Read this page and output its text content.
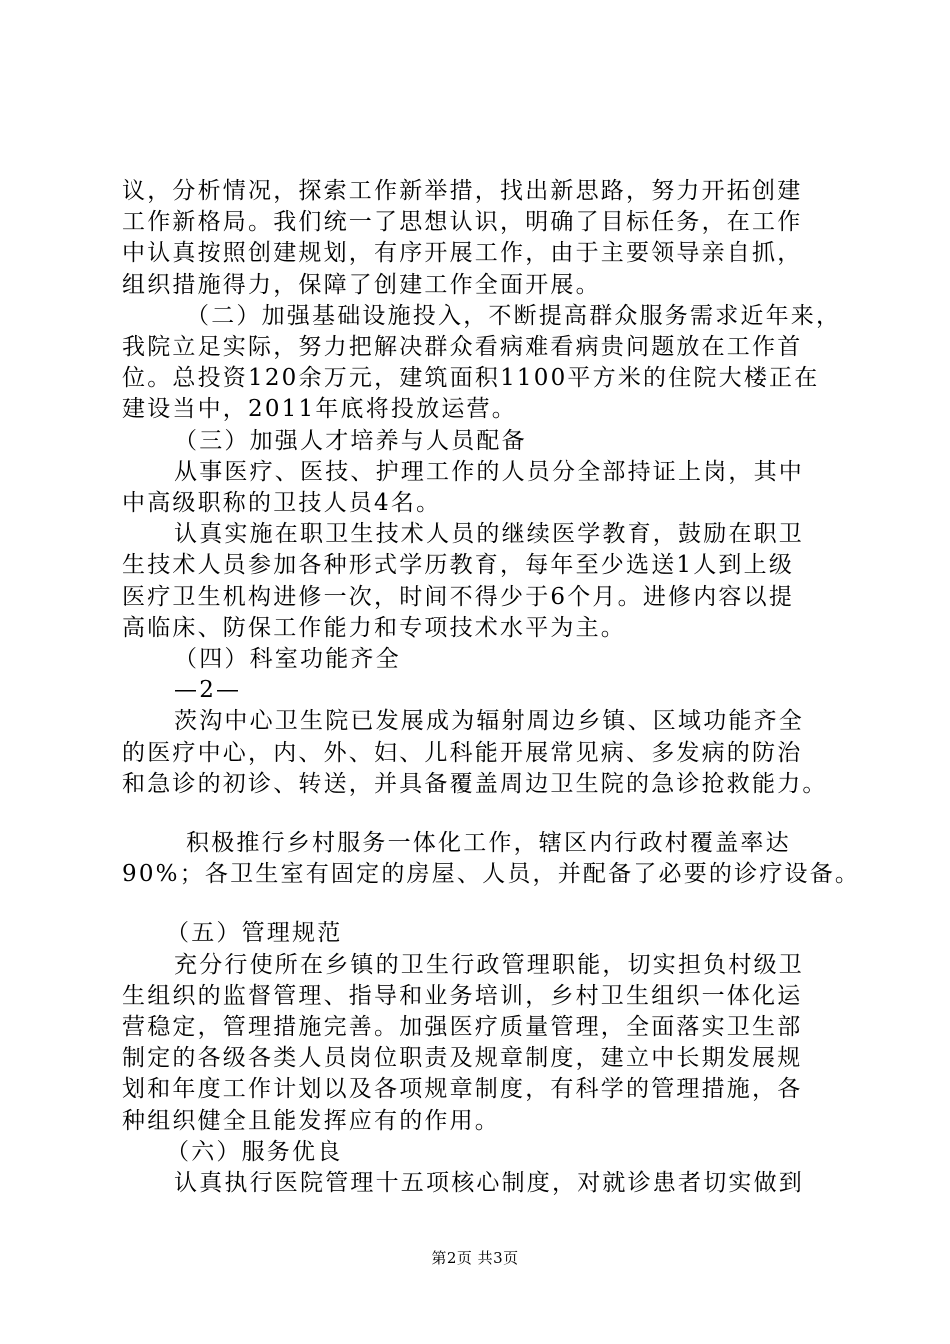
议，分析情况，探索工作新举措，找出新思路，努力开拓创建
工作新格局。我们统一了思想认识，明确了目标任务，在工作
中认真按照创建规划，有序开展工作，由于主要领导亲自抓，
组织措施得力，保障了创建工作全面开展。
（二）加强基础设施投入，不断提高群众服务需求近年来，
我院立足实际，努力把解决群众看病难看病贵问题放在工作首
位。总投资120余万元，建筑面积1100平方米的住院大楼正在
建设当中，2011年底将投放运营。
（三）加强人才培养与人员配备
从事医疗、医技、护理工作的人员分全部持证上岗，其中
中高级职称的卫技人员4名。
认真实施在职卫生技术人员的继续医学教育，鼓励在职卫
生技术人员参加各种形式学历教育，每年至少选送1人到上级
医疗卫生机构进修一次，时间不得少于6个月。进修内容以提
高临床、防保工作能力和专项技术水平为主。
（四）科室功能齐全
—2—
茨沟中心卫生院已发展成为辐射周边乡镇、区域功能齐全
的医疗中心，内、外、妇、儿科能开展常见病、多发病的防治
和急诊的初诊、转送，并具备覆盖周边卫生院的急诊抢救能力。
积极推行乡村服务一体化工作，辖区内行政村覆盖率达
90%；各卫生室有固定的房屋、人员，并配备了必要的诊疗设备。
（五）管理规范
充分行使所在乡镇的卫生行政管理职能，切实担负村级卫
生组织的监督管理、指导和业务培训，乡村卫生组织一体化运
营稳定，管理措施完善。加强医疗质量管理，全面落实卫生部
制定的各级各类人员岗位职责及规章制度，建立中长期发展规
划和年度工作计划以及各项规章制度，有科学的管理措施，各
种组织健全且能发挥应有的作用。
（六）服务优良
认真执行医院管理十五项核心制度，对就诊患者切实做到
第2页 共3页
